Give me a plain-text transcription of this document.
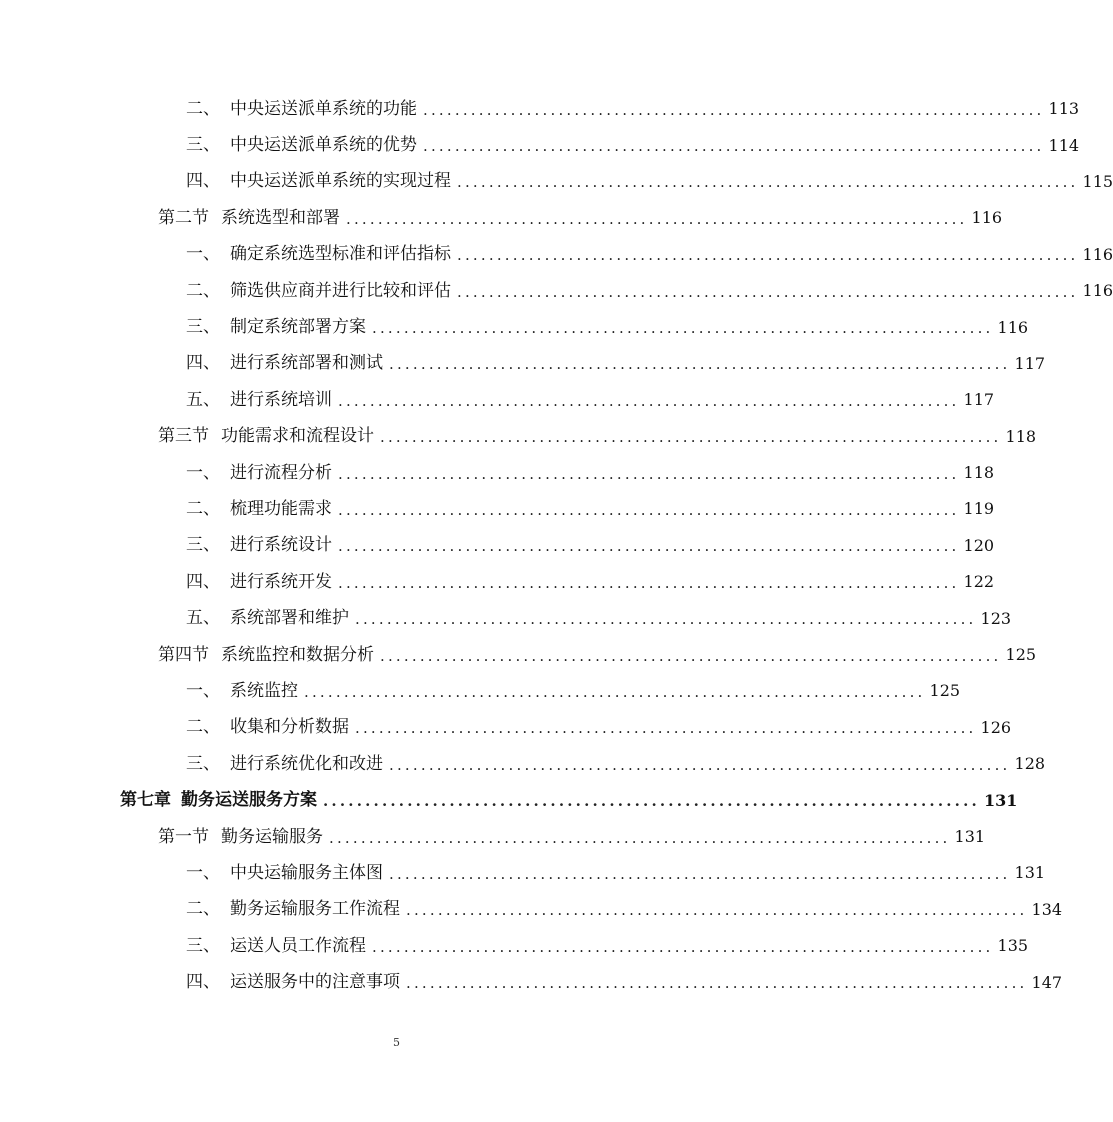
二、 中央运送派单系统的功能 .............................................................................. 113
三、 中央运送派单系统的优势 .............................................................................. 114
四、 中央运送派单系统的实现过程 .............................................................................. 115
第二节 系统选型和部署 .............................................................................. 116
一、 确定系统选型标准和评估指标 .............................................................................. 116
二、 筛选供应商并进行比较和评估 .............................................................................. 116
三、 制定系统部署方案 .............................................................................. 116
四、 进行系统部署和测试 .............................................................................. 117
五、 进行系统培训 .............................................................................. 117
第三节 功能需求和流程设计 .............................................................................. 118
一、 进行流程分析 .............................................................................. 118
二、 梳理功能需求 .............................................................................. 119
三、 进行系统设计 .............................................................................. 120
四、 进行系统开发 .............................................................................. 122
五、 系统部署和维护 .............................................................................. 123
第四节 系统监控和数据分析 .............................................................................. 125
一、 系统监控 .............................................................................. 125
二、 收集和分析数据 .............................................................................. 126
三、 进行系统优化和改进 .............................................................................. 128
第七章 勤务运送服务方案 .............................................................................. 131
第一节 勤务运输服务 .............................................................................. 131
一、 中央运输服务主体图 .............................................................................. 131
二、 勤务运输服务工作流程 .............................................................................. 134
三、 运送人员工作流程 .............................................................................. 135
四、 运送服务中的注意事项 .............................................................................. 147
5
